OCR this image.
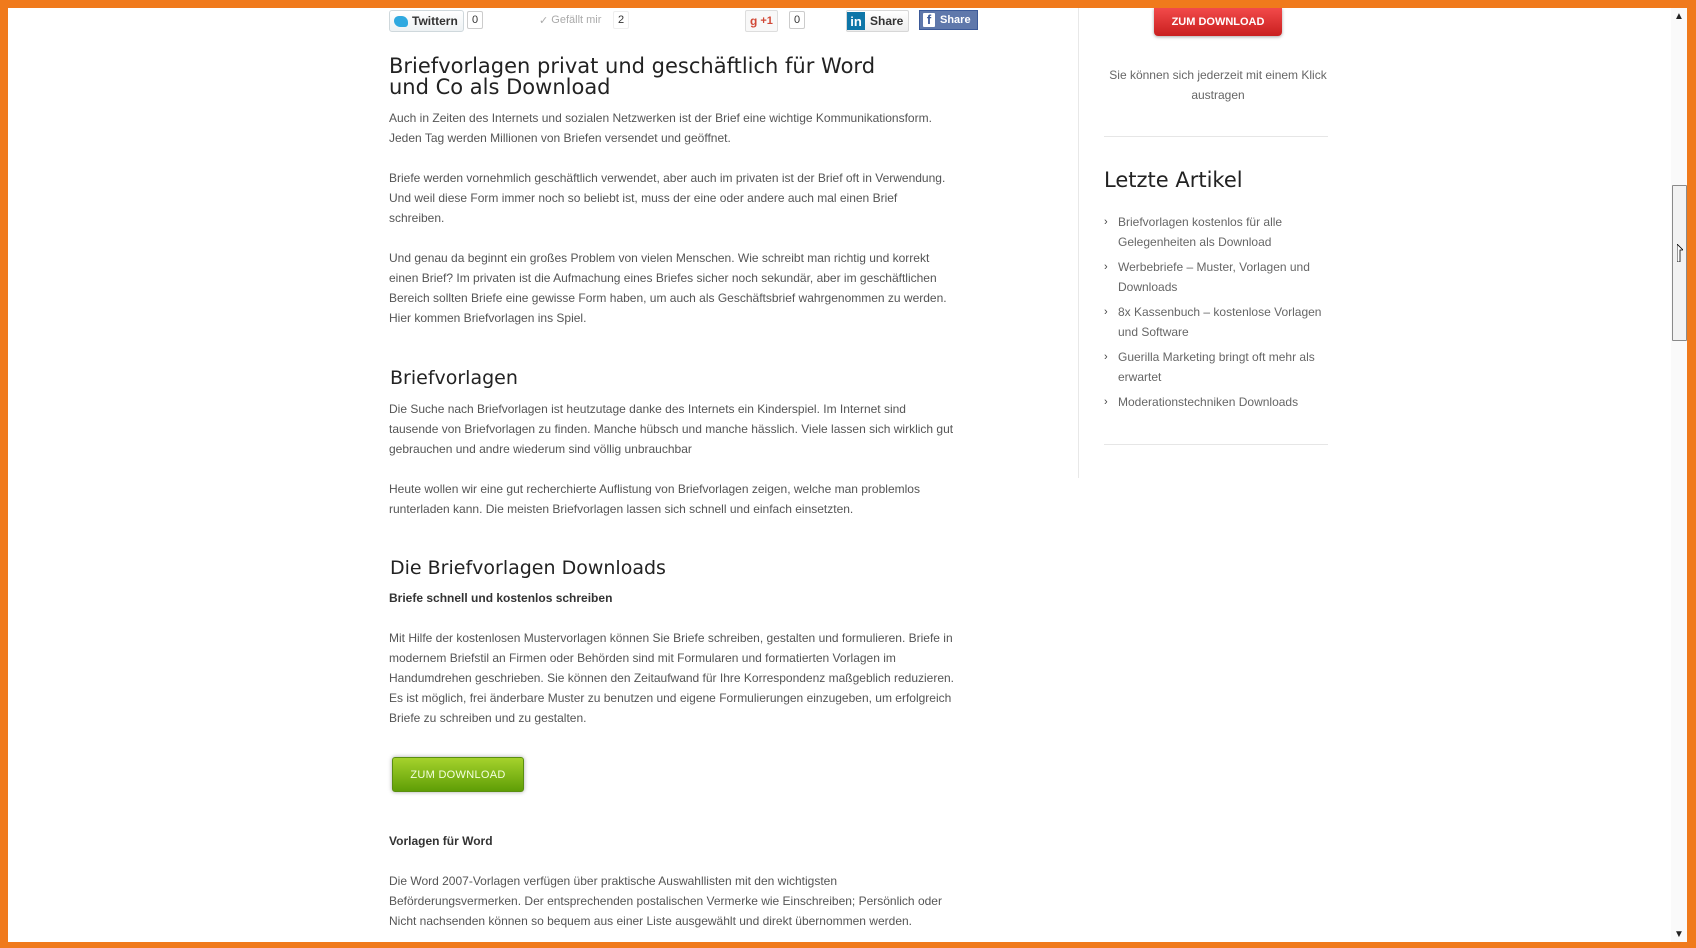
Twittern	0	✓ Gefällt mir	2	g +1	0	in Share f Share
Briefvorlagen privat und geschäftlich für Word und Co als Download

Auch in Zeiten des Internets und sozialen Netzwerken ist der Brief eine wichtige Kommunikationsform. Jeden Tag werden Millionen von Briefen versendet und geöffnet.

Briefe werden vornehmlich geschäftlich verwendet, aber auch im privaten ist der Brief oft in Verwendung. Und weil diese Form immer noch so beliebt ist, muss der eine oder andere auch mal einen Brief schreiben.

Und genau da beginnt ein großes Problem von vielen Menschen. Wie schreibt man richtig und korrekt einen Brief? Im privaten ist die Aufmachung eines Briefes sicher noch sekundär, aber im geschäftlichen Bereich sollten Briefe eine gewisse Form haben, um auch als Geschäftsbrief wahrgenommen zu werden. Hier kommen Briefvorlagen ins Spiel.

Briefvorlagen

Die Suche nach Briefvorlagen ist heutzutage danke des Internets ein Kinderspiel. Im Internet sind tausende von Briefvorlagen zu finden. Manche hübsch und manche hässlich. Viele lassen sich wirklich gut gebrauchen und andre wiederum sind völlig unbrauchbar

Heute wollen wir eine gut recherchierte Auflistung von Briefvorlagen zeigen, welche man problemlos runterladen kann. Die meisten Briefvorlagen lassen sich schnell und einfach einsetzten.

Die Briefvorlagen Downloads

Briefe schnell und kostenlos schreiben

Mit Hilfe der kostenlosen Mustervorlagen können Sie Briefe schreiben, gestalten und formulieren. Briefe in modernem Briefstil an Firmen oder Behörden sind mit Formularen und formatierten Vorlagen im Handumdrehen geschrieben. Sie können den Zeitaufwand für Ihre Korrespondenz maßgeblich reduzieren. Es ist möglich, frei änderbare Muster zu benutzen und eigene Formulierungen einzugeben, um erfolgreich Briefe zu schreiben und zu gestalten.

ZUM DOWNLOAD

Vorlagen für Word

Die Word 2007-Vorlagen verfügen über praktische Auswahllisten mit den wichtigsten Beförderungsvermerken. Der entsprechenden postalischen Vermerke wie Einschreiben; Persönlich oder Nicht nachsenden können so bequem aus einer Liste ausgewählt und direkt übernommen werden.

ZUM DOWNLOAD

Sie können sich jederzeit mit einem Klick austragen

Letzte Artikel
› Briefvorlagen kostenlos für alle Gelegenheiten als Download
› Werbebriefe – Muster, Vorlagen und Downloads
› 8x Kassenbuch – kostenlose Vorlagen und Software
› Guerilla Marketing bringt oft mehr als erwartet
› Moderationstechniken Downloads
▲
▼
